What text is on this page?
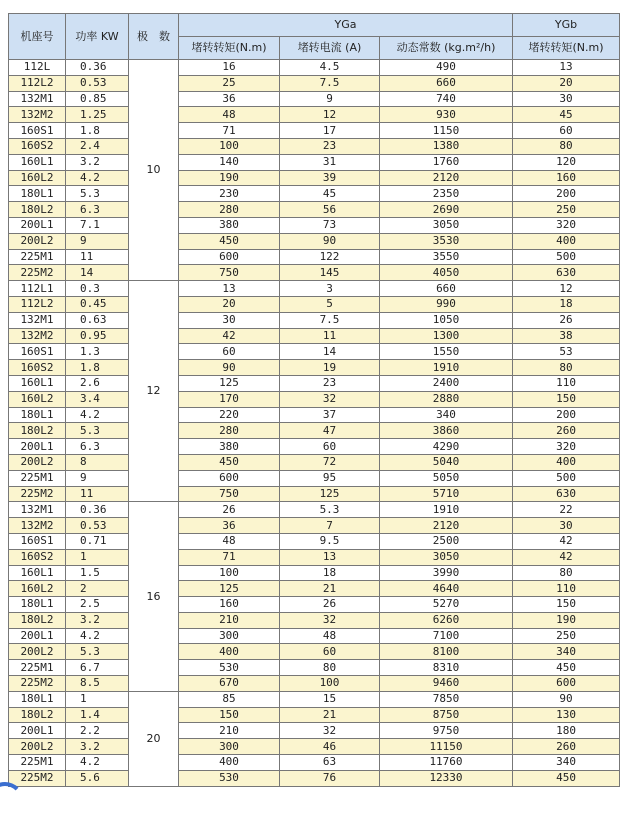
机座号	功率 KW	极　数	YGa			YGb
			堵转转矩(N.m)	堵转电流 (A)	动态常数 (kg.m²/h)	堵转转矩(N.m)
112L	0.36	10	16	4.5	490	13
112L2	0.53		25	7.5	660	20
132M1	0.85		36	9	740	30
132M2	1.25		48	12	930	45
160S1	1.8		71	17	1150	60
160S2	2.4		100	23	1380	80
160L1	3.2		140	31	1760	120
160L2	4.2		190	39	2120	160
180L1	5.3		230	45	2350	200
180L2	6.3		280	56	2690	250
200L1	7.1		380	73	3050	320
200L2	9		450	90	3530	400
225M1	11		600	122	3550	500
225M2	14		750	145	4050	630
112L1	0.3	12	13	3	660	12
112L2	0.45		20	5	990	18
132M1	0.63		30	7.5	1050	26
132M2	0.95		42	11	1300	38
160S1	1.3		60	14	1550	53
160S2	1.8		90	19	1910	80
160L1	2.6		125	23	2400	110
160L2	3.4		170	32	2880	150
180L1	4.2		220	37	340	200
180L2	5.3		280	47	3860	260
200L1	6.3		380	60	4290	320
200L2	8		450	72	5040	400
225M1	9		600	95	5050	500
225M2	11		750	125	5710	630
132M1	0.36	16	26	5.3	1910	22
132M2	0.53		36	7	2120	30
160S1	0.71		48	9.5	2500	42
160S2	1		71	13	3050	42
160L1	1.5		100	18	3990	80
160L2	2		125	21	4640	110
180L1	2.5		160	26	5270	150
180L2	3.2		210	32	6260	190
200L1	4.2		300	48	7100	250
200L2	5.3		400	60	8100	340
225M1	6.7		530	80	8310	450
225M2	8.5		670	100	9460	600
180L1	1	20	85	15	7850	90
180L2	1.4		150	21	8750	130
200L1	2.2		210	32	9750	180
200L2	3.2		300	46	11150	260
225M1	4.2		400	63	11760	340
225M2	5.6		530	76	12330	450
